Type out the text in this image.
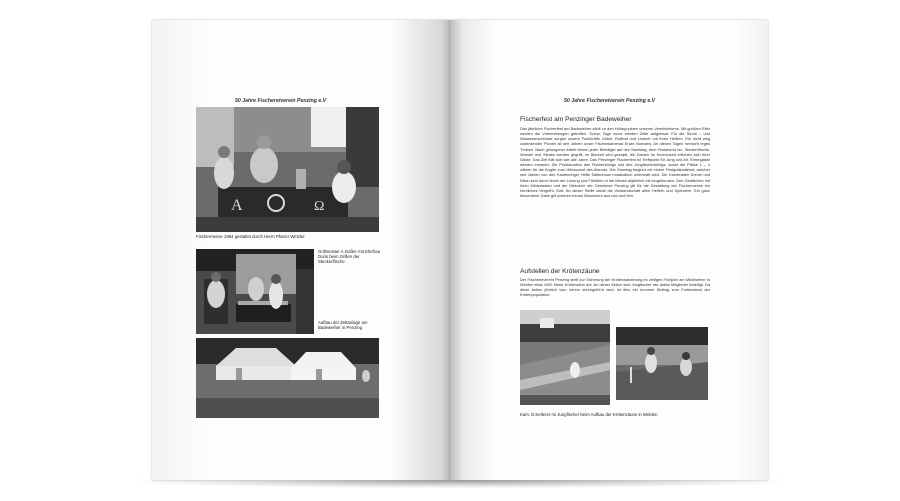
50 Jahre Fischereiverein Penzing e.V
A	Ω
Fischermesse 1984 gestaltet durch Herrn Pfarrer Wetzler
Grillmeister A.Gößer mit Ehefrau Doris beim Grillen der Steckerlfische
Aufbau der Zeltanlage am Badeweiher in Penzing
50 Jahre Fischereiverein Penzing e.V
Fischerfest am Penzinger Badeweiher
Das jährliche Fischerfest am Badeweiher zählt zu den Höhepunkten unseres Vereinslebens. Mit großem Eifer werden die Vorbereitungen getroffen. Schon Tage zuvor werden Zelte aufgebaut. Für die Strom – und Wasseranschlüsse sorgen unsere Fachkräfte Göbel, Rotthat und Lindner mit ihren Helfern. Ein nicht weg zudenkender Pionier ist seit Jahren unser Fischerkamerad Erwin Nowotny. An diesen Tagen herrscht reges Treiben. Nach gelungener Arbeit freuen jeder Beteiligte auf den Samstag, dem Festabend hin. Steckerlfische, Würstel und Steaks werden gegrillt, im Bierzelt wird gezapft, die Damen im Kuchenzelt erfreuen sich ihrer Gäste. Das Zelt füllt sich wie alle Jahre. Das Penzinger Fischerfest ist Treffpunkt für Jung und Alt. Ehrengäste werden erwartet. Die Proklamation des Fischerkönigs und des Jungfischerkönigs, sowie die Plätze 1 – 4 zählen für die Angler zum Höhepunkt des Abends. Der Sonntag beginnt mit einem Festgottesdienst, welcher seit Jahren von den Kaufeeringer Höfle Saitenmusi musikalisch untermalt wird. Die Kameraden Drexel und Kilian sind durch lesen der Lesung und Fürbitten in die Messe alljährlich mit eingebunden. Den Geistlichen mit ihren Ministranten und der Mesnerin der Gemeinde Penzing gilt für die Gestaltung der Fischermesse ein herzliches Vergelt’s Gott. An dieser Stelle dankt die Vorstandschaft allen Helfern und Spendern. Ein ganz besonderer Dank gilt unseren treuen Besuchern aus nah und fern.
Aufstellen der Krötenzäune
Der Fischereiverein Penzing stellt zur Sicherung der Krötenwanderung im zeitigen Frühjahr am Mühlweiher in Welden etwa 1000 Meter Krötenzahn auf. An dieser Aktion sind Jungfischer wie aktive Mitglieder beteiligt. Da diese Aktion jährlich vom Verein durchgeführt wird, ist dies ein enormer Beitrag zum Fortbestand der Krötenpopulation.
Kam. D.Kellerer mi Jungfischer beim Aufbau der Krötenzäune in Welden
